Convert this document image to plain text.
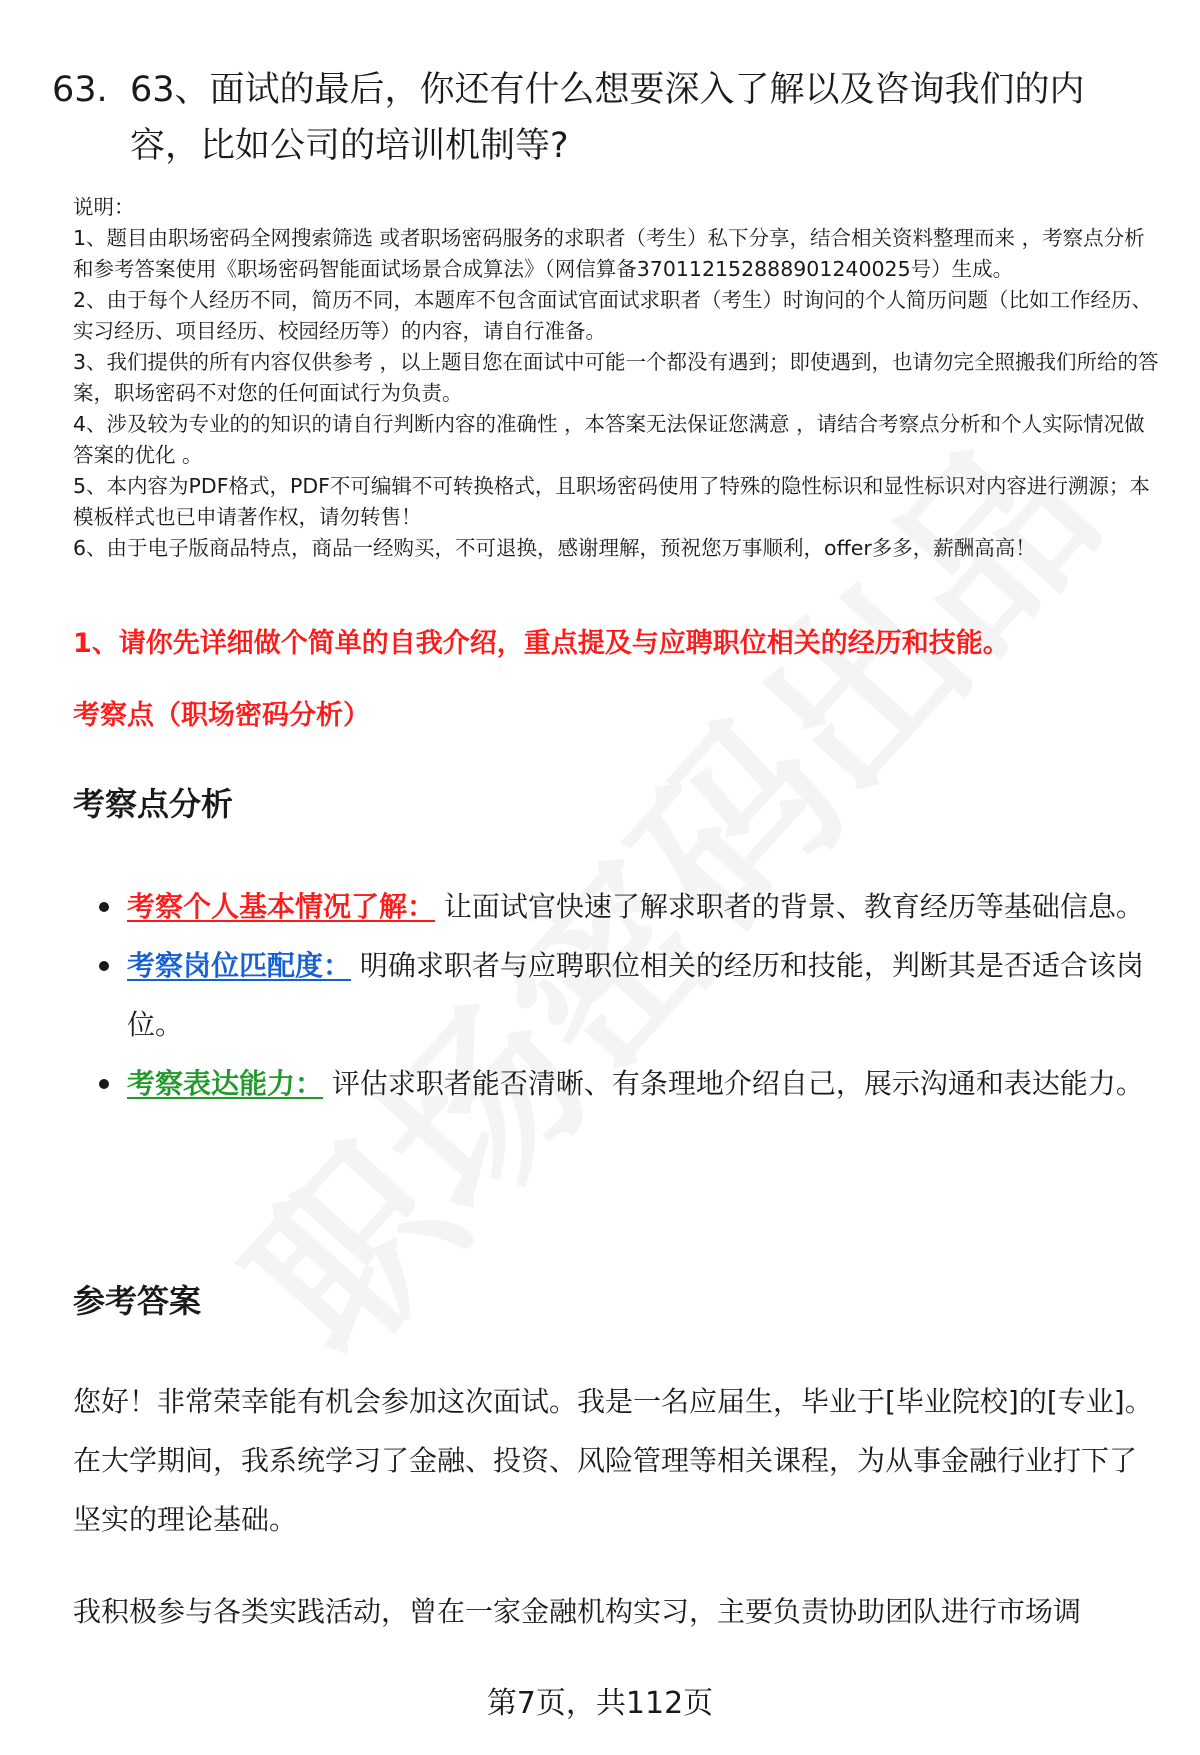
63. 63、面试的最后，你还有什么想要深入了解以及咨询我们的内容，比如公司的培训机制等?

说明：

1、题目由职场密码全网搜索筛选 或者职场密码服务的求职者（考生）私下分享，结合相关资料整理而来 ，考察点分析和参考答案使用《职场密码智能面试场景合成算法》（网信算备370112152888901240025号）生成。

2、由于每个人经历不同，简历不同，本题库不包含面试官面试求职者（考生）时询问的个人简历问题（比如工作经历、实习经历、项目经历、校园经历等）的内容，请自行准备。

3、我们提供的所有内容仅供参考 ，以上题目您在面试中可能一个都没有遇到；即使遇到，也请勿完全照搬我们所给的答案，职场密码不对您的任何面试行为负责。

4、涉及较为专业的的知识的请自行判断内容的准确性 ，本答案无法保证您满意 ，请结合考察点分析和个人实际情况做答案的优化 。

5、本内容为PDF格式，PDF不可编辑不可转换格式，且职场密码使用了特殊的隐性标识和显性标识对内容进行溯源；本模板样式也已申请著作权，请勿转售！

6、由于电子版商品特点，商品一经购买，不可退换，感谢理解，预祝您万事顺利，offer多多，薪酬高高！

1、请你先详细做个简单的自我介绍，重点提及与应聘职位相关的经历和技能。
考察点（职场密码分析）
考察点分析
考察个人基本情况了解： 让面试官快速了解求职者的背景、教育经历等基础信息。
考察岗位匹配度： 明确求职者与应聘职位相关的经历和技能，判断其是否适合该岗位。
考察表达能力： 评估求职者能否清晰、有条理地介绍自己，展示沟通和表达能力。
参考答案

您好！非常荣幸能有机会参加这次面试。我是一名应届生，毕业于[毕业院校]的[专业]。在大学期间，我系统学习了金融、投资、风险管理等相关课程，为从事金融行业打下了坚实的理论基础。

我积极参与各类实践活动，曾在一家金融机构实习，主要负责协助团队进行市场调

第7页，共112页
